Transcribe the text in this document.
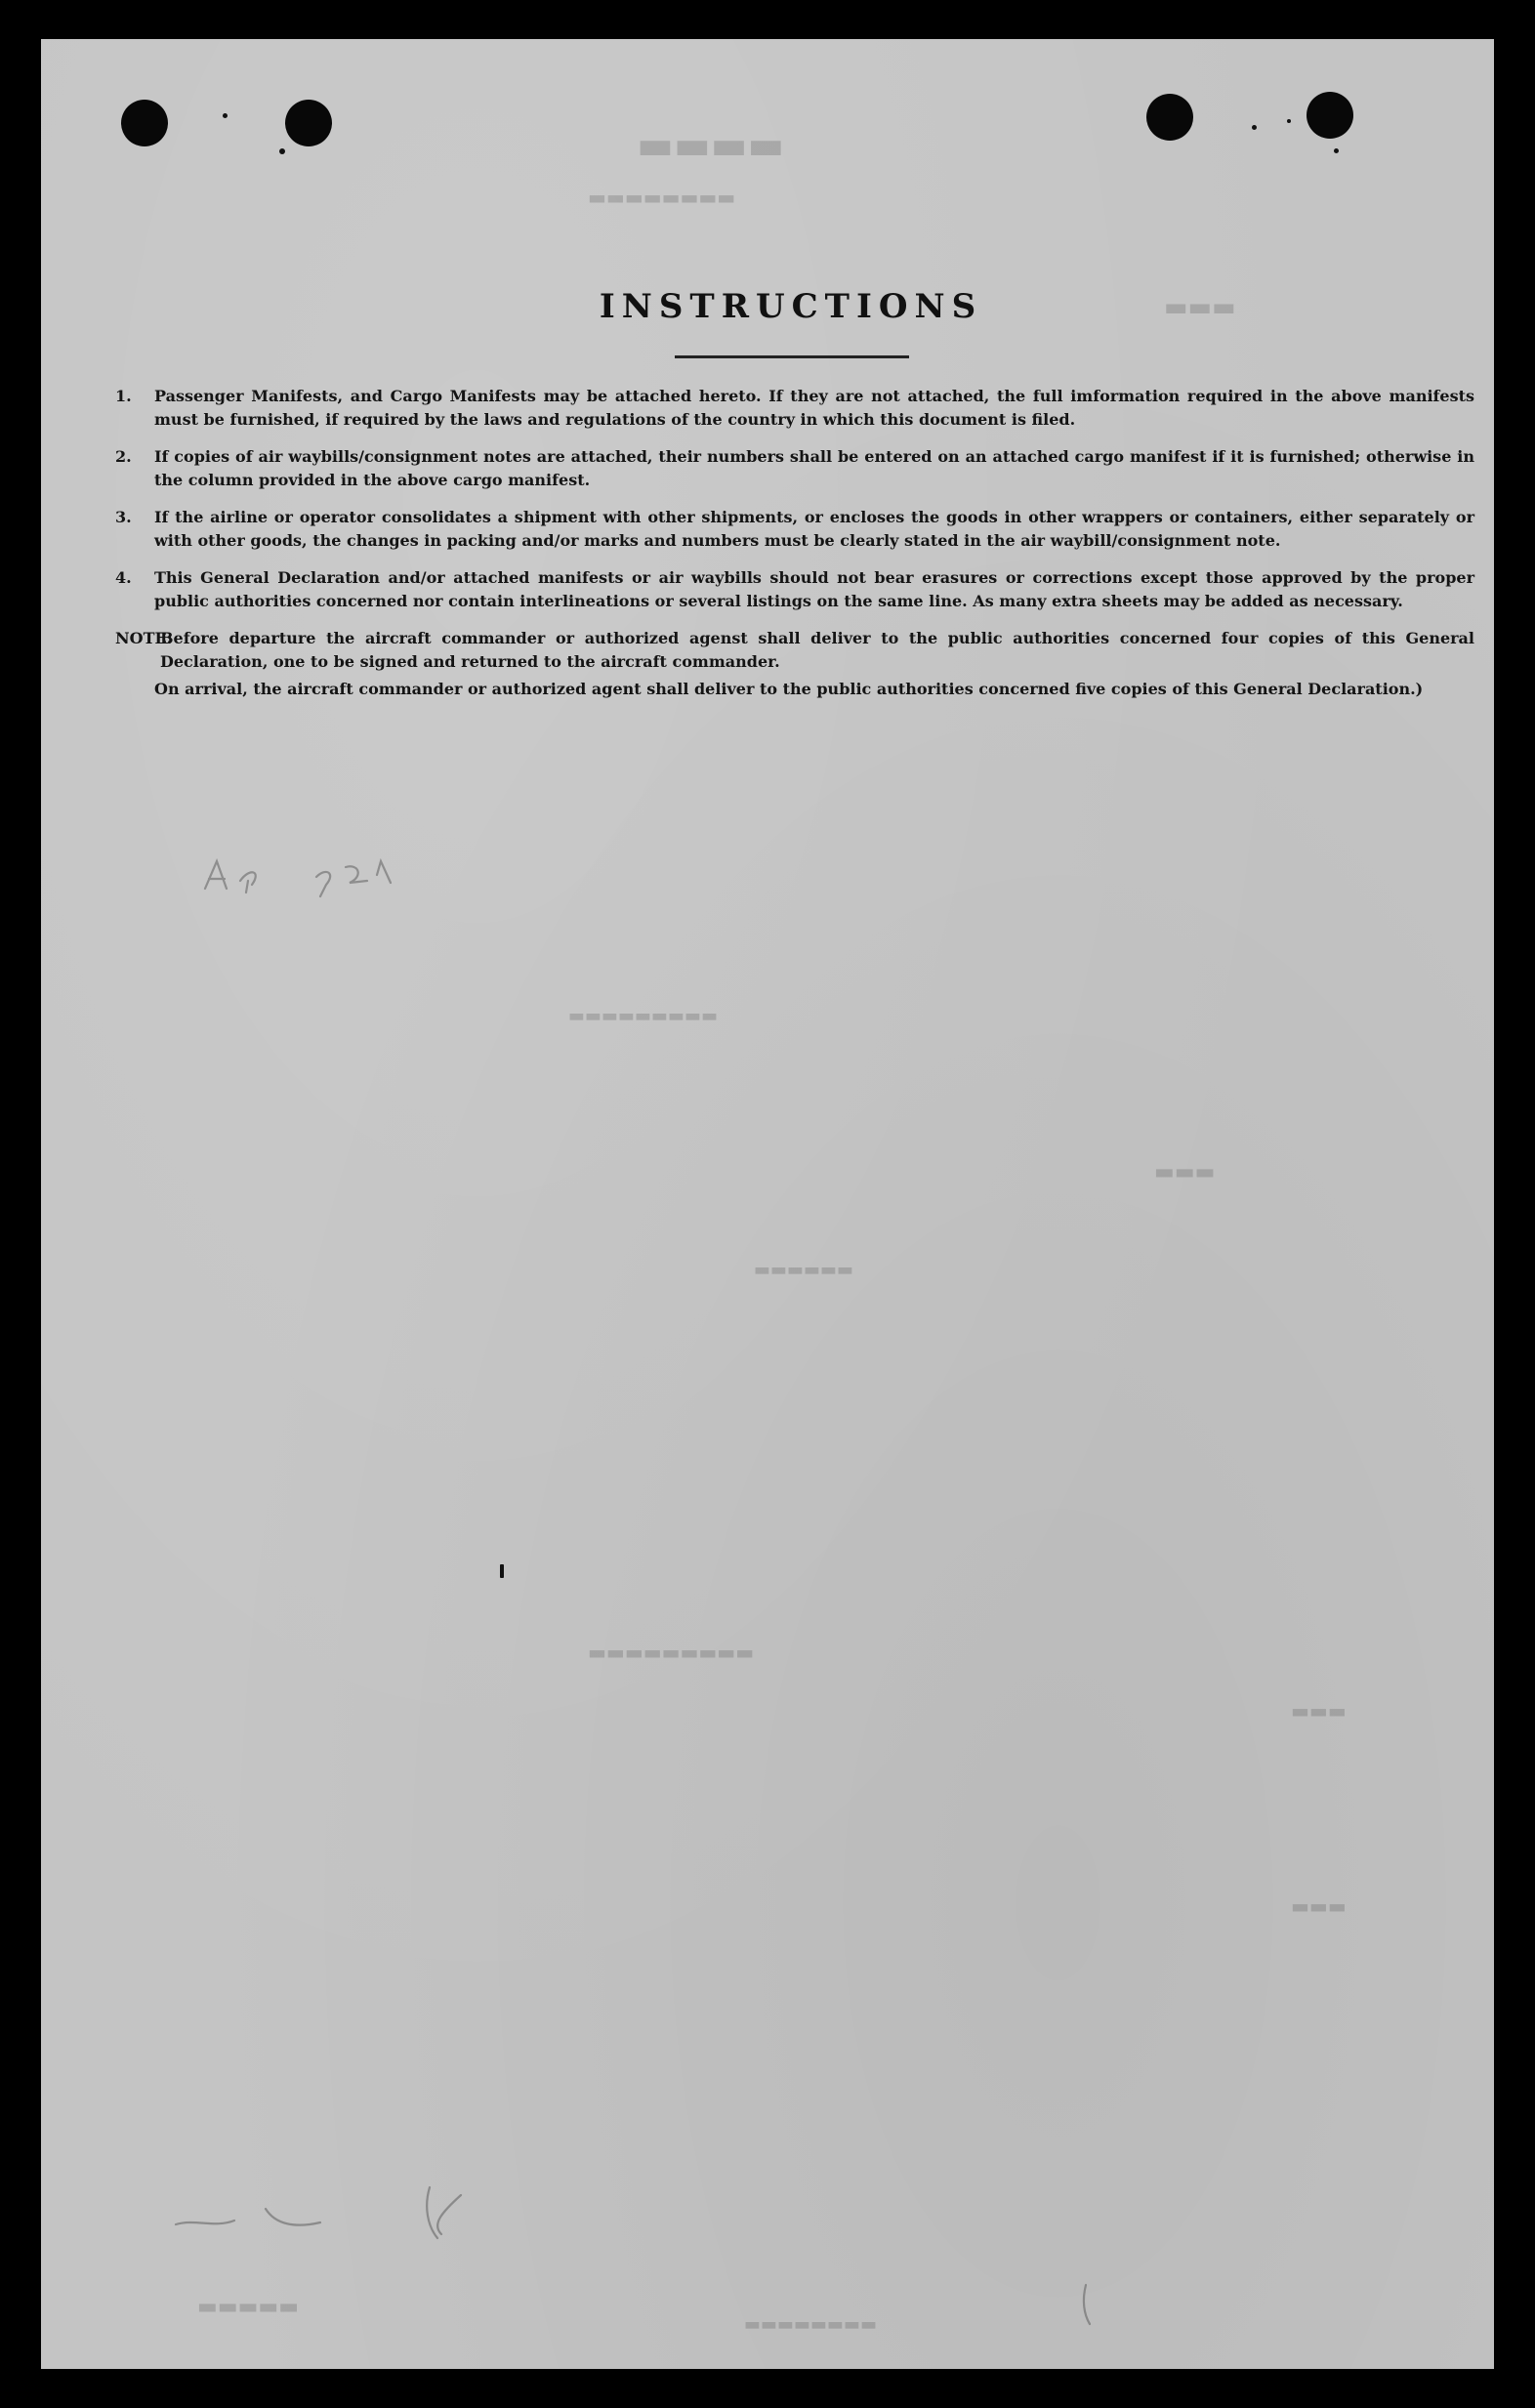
▬▬▬▬
▬▬▬▬▬▬▬▬
▬▬▬
▬▬▬▬▬▬▬▬▬
▬▬▬
▬▬▬▬▬▬
▬▬▬▬▬▬▬▬▬
▬▬▬
▬▬▬
▬▬▬▬▬
▬▬▬▬▬▬▬▬
INSTRUCTIONS
1.	Passenger Manifests, and Cargo Manifests may be attached hereto. If they are not attached, the full imformation required in the above manifests must be furnished, if required by the laws and regulations of the country in which this document is filed.
2.	If copies of air waybills/consignment notes are attached, their numbers shall be entered on an attached cargo manifest if it is furnished; otherwise in the column provided in the above cargo manifest.
3.	If the airline or operator consolidates a shipment with other shipments, or encloses the goods in other wrappers or containers, either separately or with other goods, the changes in packing and/or marks and numbers must be clearly stated in the air waybill/consignment note.
4.	This General Declaration and/or attached manifests or air waybills should not bear erasures or corrections except those approved by the proper public authorities concerned nor contain interlineations or several listings on the same line. As many extra sheets may be added as necessary.
NOTE:
Before departure the aircraft commander or authorized agenst shall deliver to the public authorities concerned four copies of this General Declaration, one to be signed and returned to the aircraft commander.
On arrival, the aircraft commander or authorized agent shall deliver to the public authorities concerned five copies of this General Declaration.)
